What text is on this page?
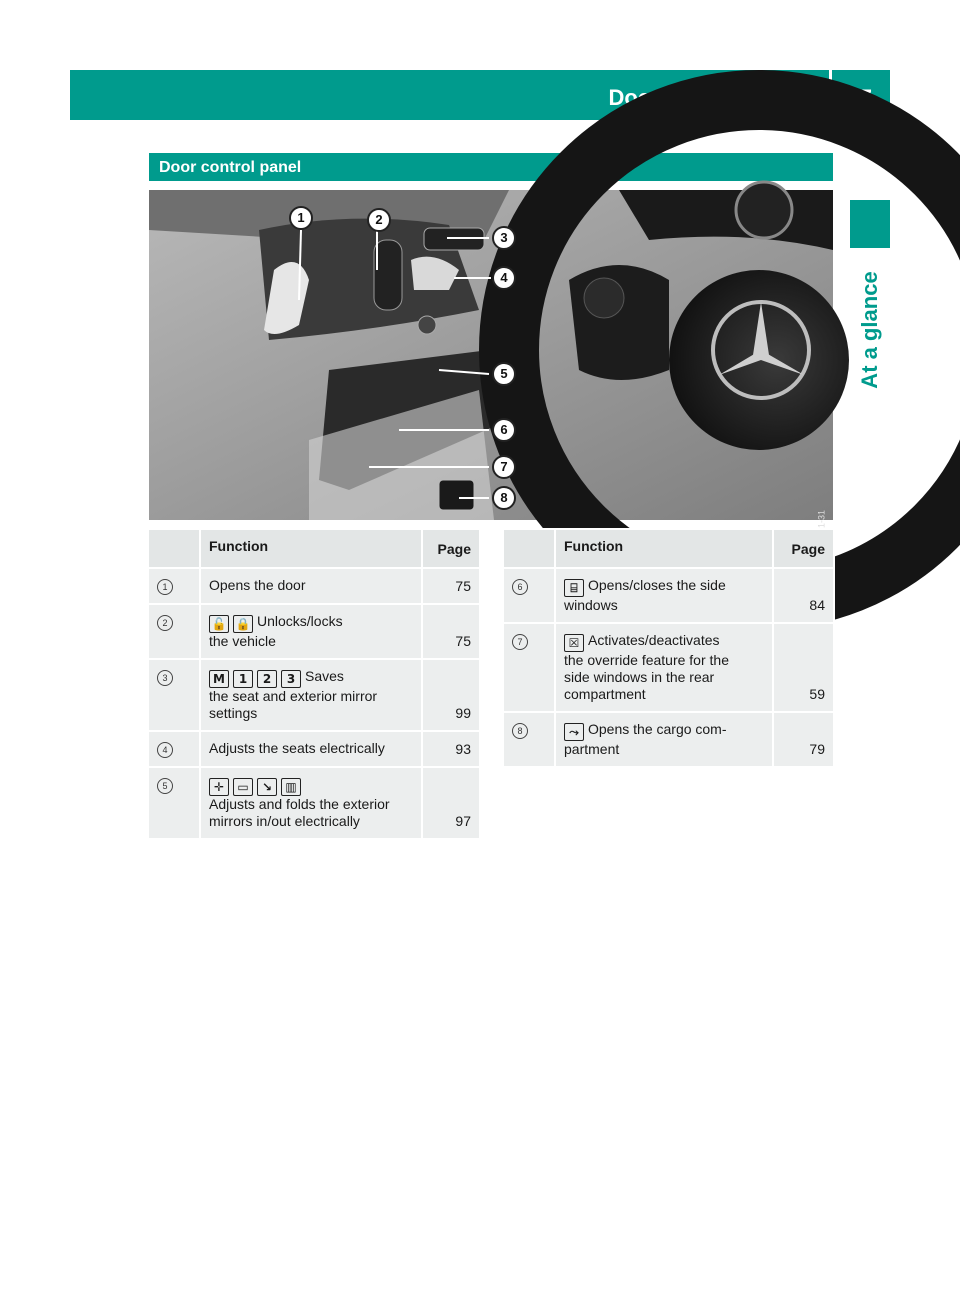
Door control panel	37
At a glance
Door control panel
1	2
3
4
5
6
7
8
	Function	Page
1	Opens the door	75
2	🔓 🔒 Unlocks/locks
the vehicle	75
3	M 1 2 3 Saves
the seat and exterior mirror
settings	99
4	Adjusts the seats electrically	93
5	✛ ▭ ↘ ▥
Adjusts and folds the exterior
mirrors in/out electrically	97
	Function	Page
6	⌸ Opens/closes the side
windows	84
7	☒ Activates/deactivates
the override feature for the
side windows in the rear
compartment	59
8	⤳ Opens the cargo com-
partment	79
